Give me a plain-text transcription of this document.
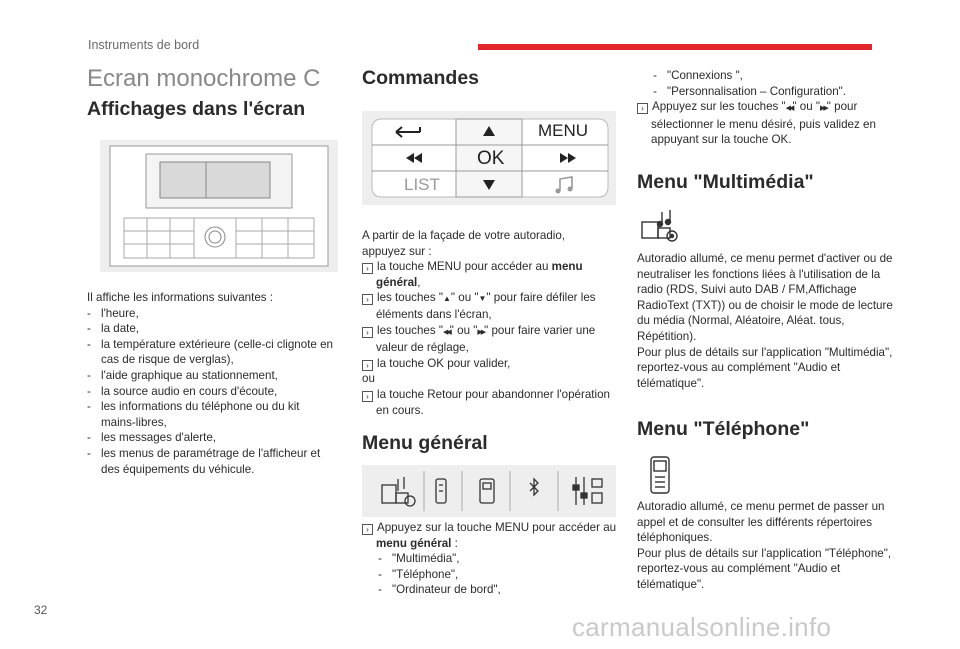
Instruments de bord
Ecran monochrome C
Affichages dans l'écran

Il affiche les informations suivantes :

- l'heure,

- la date,

- la température extérieure (celle-ci clignote en cas de risque de verglas),

- l'aide graphique au stationnement,

- la source audio en cours d'écoute,

- les informations du téléphone ou du kit mains-libres,

- les messages d'alerte,

- les menus de paramétrage de l'afficheur et des équipements du véhicule.

Commandes
MENU
OK
LIST

A partir de la façade de votre autoradio,

appuyez sur :

› la touche MENU pour accéder au menu général,

› les touches "▲" ou "▼" pour faire défiler les éléments dans l'écran,

› les touches "◀◀" ou "▶▶" pour faire varier une valeur de réglage,

› la touche OK pour valider,

ou

› la touche Retour pour abandonner l'opération en cours.

Menu général

› Appuyez sur la touche MENU pour accéder au menu général :

- "Multimédia",

- "Téléphone",

- "Ordinateur de bord",

- "Connexions ",

- "Personnalisation – Configuration".

› Appuyez sur les touches "◀◀" ou "▶▶" pour sélectionner le menu désiré, puis validez en appuyant sur la touche OK.

Menu "Multimédia"

Autoradio allumé, ce menu permet d'activer ou de neutraliser les fonctions liées à l'utilisation de la radio (RDS, Suivi auto DAB / FM,Affichage RadioText (TXT)) ou de choisir le mode de lecture du média (Normal, Aléatoire, Aléat. tous, Répétition).

Pour plus de détails sur l'application "Multimédia", reportez-vous au complément "Audio et télématique".

Menu "Téléphone"

Autoradio allumé, ce menu permet de passer un appel et de consulter les différents répertoires téléphoniques.

Pour plus de détails sur l'application "Téléphone", reportez-vous au complément "Audio et télématique".

32
carmanualsonline.info
